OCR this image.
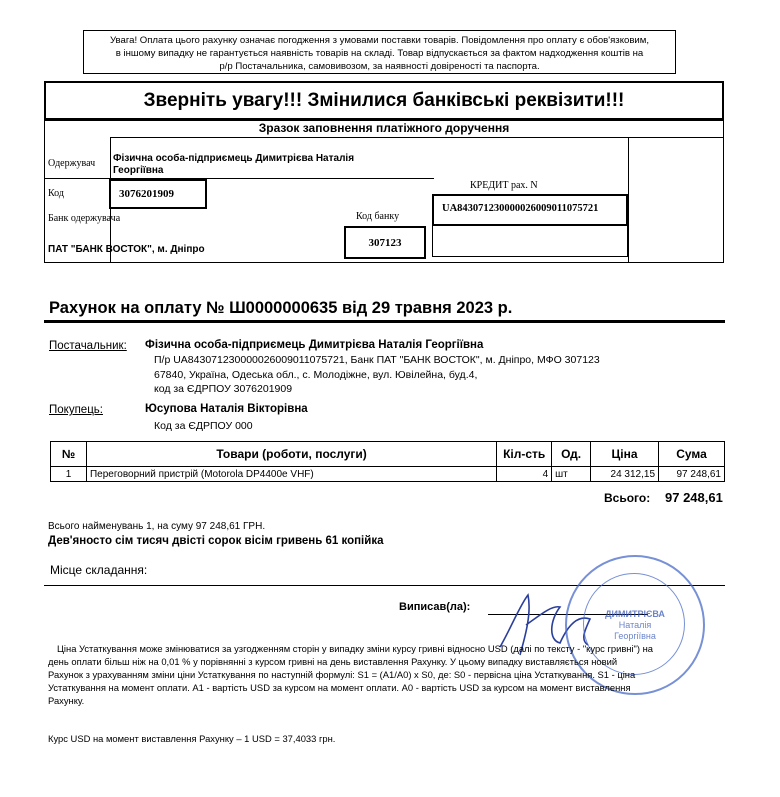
Увага! Оплата цього рахунку означає погодження з умовами поставки товарів. Повідомлення про оплату є обов'язковим,
в іншому випадку не гарантується наявність товарів на складі. Товар відпускається за фактом надходження коштів на
р/р Постачальника, самовивозом, за наявності довіреності та паспорта.
Зверніть увагу!!! Змінилися банківські реквізити!!!
Зразок заповнення платіжного доручення
Одержувач Фізична особа-підприємець Димитрієва Наталія
Георгіївна
Код	3076201909
Банк одержувача
ПАТ "БАНК ВОСТОК", м. Дніпро
Код банку
307123
КРЕДИТ рах. N
UA843071230000026009011075721
Рахунок на оплату № Ш0000000635 від 29 травня 2023 р.
Постачальник: Фізична особа-підприємець Димитрієва Наталія Георгіївна
П/р UA843071230000026009011075721, Банк ПАТ "БАНК ВОСТОК", м. Дніпро, МФО 307123
67840, Україна, Одеська обл., с. Молодіжне, вул. Ювілейна, буд.4,
код за ЄДРПОУ 3076201909
Покупець:	Юсупова Наталія Вікторівна
Код за ЄДРПОУ 000
№	Товари (роботи, послуги)	Кіл-сть	Од.	Ціна	Сума
1	Переговорний пристрій (Motorola DP4400e VHF)	4	шт	24 312,15	97 248,61
Всього: 97 248,61
Всього найменувань 1, на суму 97 248,61 ГРН.
Дев'яносто сім тисяч двісті сорок вісім гривень 61 копійка
Місце складання:
Виписав(ла):
ДИМИТРІЄВА
Наталія
Георгіївна
Ціна Устаткування може змінюватися за узгодженням сторін у випадку зміни курсу гривні відносно USD (далі по тексту - "курс гривні") на
день оплати більш ніж на 0,01 % у порівнянні з курсом гривні на день виставлення Рахунку. У цьому випадку виставляється новий
Рахунок з урахуванням зміни ціни Устаткування по наступній формулі: S1 = (A1/A0) x S0, де: S0 - первісна ціна Устаткування. S1 - ціна
Устаткування на момент оплати. А1 - вартість USD за курсом на момент оплати. А0 - вартість USD за курсом на момент виставлення
Рахунку.
Курс USD на момент виставлення Рахунку – 1 USD = 37,4033 грн.
